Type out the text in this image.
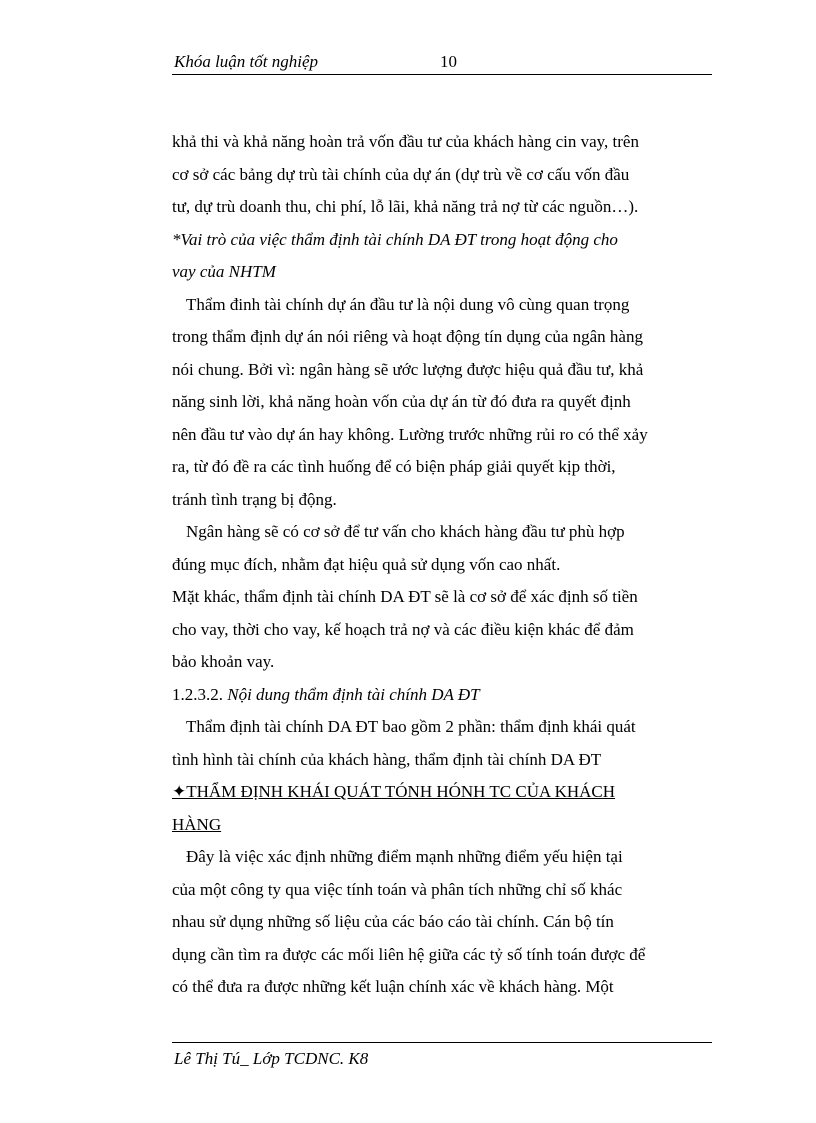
Khóa luận tốt nghiệp	10
khả thi và khả năng hoàn trả vốn đầu tư của khách hàng cin vay, trên
cơ sở các bảng dự trù tài chính của dự án (dự trù về cơ cấu vốn đầu
tư, dự trù doanh thu, chi phí, lỗ lãi, khả năng trả nợ từ các nguồn…).
*Vai trò của việc thẩm định tài chính DA ĐT trong hoạt động cho
vay của NHTM
Thẩm đinh tài chính dự án đầu tư là nội dung vô cùng quan trọng
trong thẩm định dự án nói riêng và hoạt động tín dụng của ngân hàng
nói chung. Bởi vì: ngân hàng sẽ ước lượng được hiệu quả đầu tư, khả
năng sinh lời, khả năng hoàn vốn của dự án từ đó đưa ra quyết định
nên đầu tư vào dự án hay không. Lường trước những rủi ro có thể xảy
ra, từ đó đề ra các tình huống để có biện pháp giải quyết kịp thời,
tránh tình trạng bị động.
Ngân hàng sẽ có cơ sở để tư vấn cho khách hàng đầu tư phù hợp
đúng mục đích, nhằm đạt hiệu quả sử dụng vốn cao nhất.
Mặt khác, thẩm định tài chính DA ĐT sẽ là cơ sở để xác định số tiền
cho vay, thời cho vay, kế hoạch trả nợ và các điều kiện khác để đảm
bảo khoản vay.
1.2.3.2. Nội dung thẩm định tài chính DA ĐT
Thẩm định tài chính DA ĐT bao gồm 2 phần: thẩm định khái quát
tình hình tài chính của khách hàng, thẩm định tài chính DA ĐT
✦THẨM ĐỊNH KHÁI QUÁT TÓNH HÓNH TC CỦA KHÁCH
HÀNG
Đây là việc xác định những điểm mạnh những điểm yếu hiện tại
của một công ty qua việc tính toán và phân tích những chỉ số khác
nhau sử dụng những số liệu của các báo cáo tài chính. Cán bộ tín
dụng cần tìm ra được các mối liên hệ giữa các tỷ số tính toán được để
có thể đưa ra được những kết luận chính xác về khách hàng. Một
Lê Thị Tú_ Lớp TCDNC. K8
